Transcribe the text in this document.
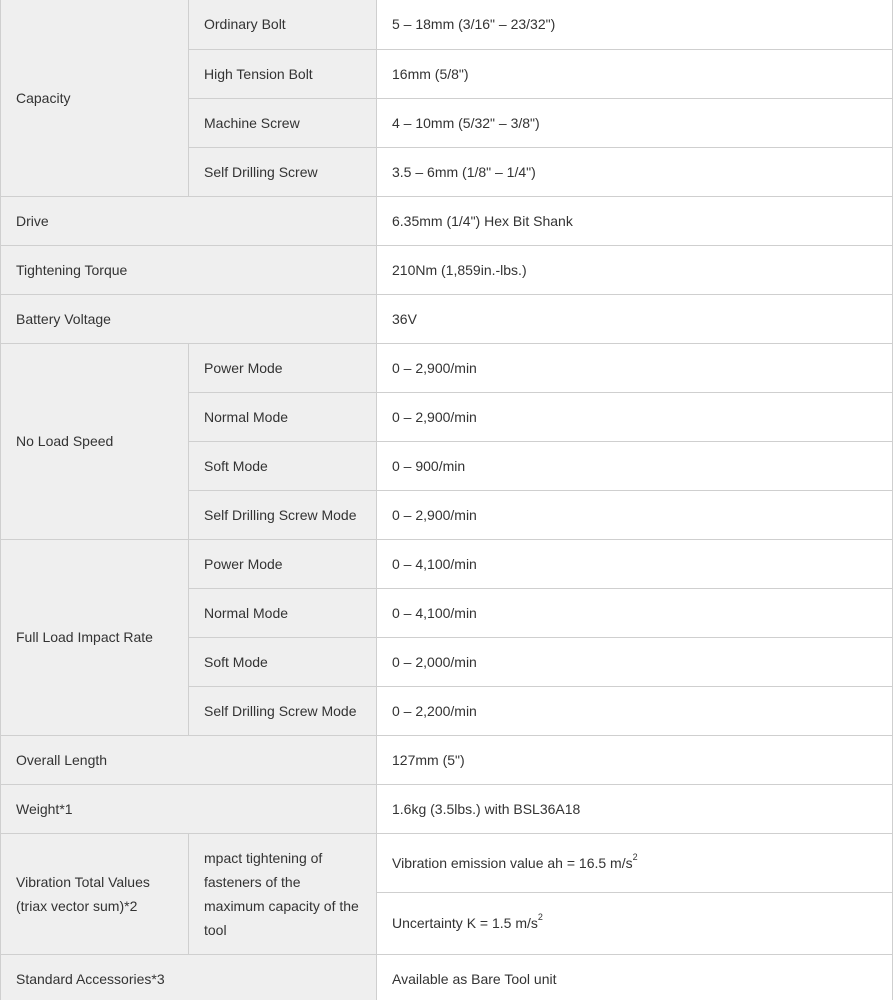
Capacity	Ordinary Bolt	5 – 18mm (3/16" – 23/32")
	High Tension Bolt	16mm (5/8")
	Machine Screw	4 – 10mm (5/32" – 3/8")
	Self Drilling Screw	3.5 – 6mm (1/8" – 1/4")
Drive		6.35mm (1/4") Hex Bit Shank
Tightening Torque		210Nm (1,859in.-lbs.)
Battery Voltage		36V
No Load Speed	Power Mode	0 – 2,900/min
	Normal Mode	0 – 2,900/min
	Soft Mode	0 – 900/min
	Self Drilling Screw Mode	0 – 2,900/min
Full Load Impact Rate	Power Mode	0 – 4,100/min
	Normal Mode	0 – 4,100/min
	Soft Mode	0 – 2,000/min
	Self Drilling Screw Mode	0 – 2,200/min
Overall Length		127mm (5")
Weight*1		1.6kg (3.5lbs.) with BSL36A18
Vibration Total Values (triax vector sum)*2	mpact tightening of fasteners of the maximum capacity of the tool	Vibration emission value ah = 16.5 $m/s^2$
		Uncertainty K = 1.5 $m/s^2$
Standard Accessories*3		Available as Bare Tool unit
